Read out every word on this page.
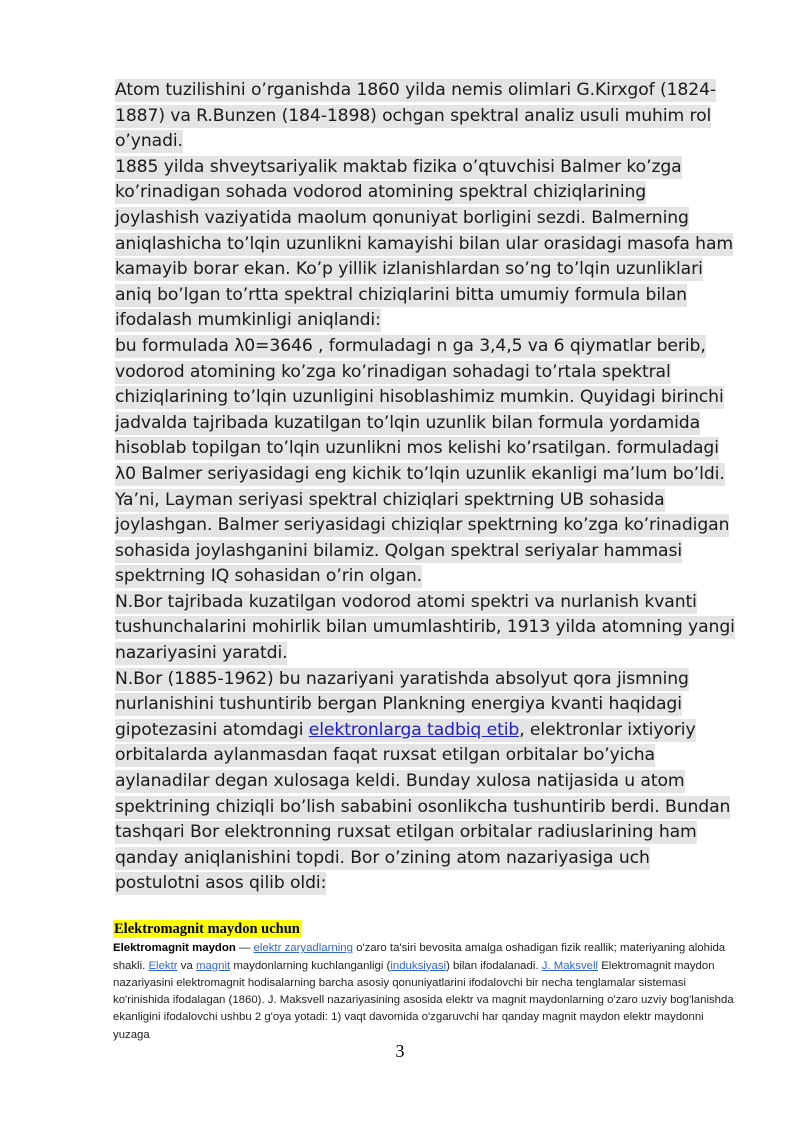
Atom tuzilishini o’rganishda 1860 yilda nemis olimlari G.Kirxgof (1824-1887) va R.Bunzen (184-1898) ochgan spektral analiz usuli muhim rol o’ynadi.

1885 yilda shveytsariyalik maktab fizika o’qtuvchisi Balmer ko’zga ko’rinadigan sohada vodorod atomining spektral chiziqlarining joylashish vaziyatida maolum qonuniyat borligini sezdi. Balmerning aniqlashicha to’lqin uzunlikni kamayishi bilan ular orasidagi masofa ham kamayib borar ekan. Ko’p yillik izlanishlardan so’ng to’lqin uzunliklari aniq bo’lgan to’rtta spektral chiziqlarini bitta umumiy formula bilan ifodalash mumkinligi aniqlandi:

bu formulada λ0=3646 , formuladagi n ga 3,4,5 va 6 qiymatlar berib, vodorod atomining ko’zga ko’rinadigan sohadagi to’rtala spektral chiziqlarining to’lqin uzunligini hisoblashimiz mumkin. Quyidagi birinchi jadvalda tajribada kuzatilgan to’lqin uzunlik bilan formula yordamida hisoblab topilgan to’lqin uzunlikni mos kelishi ko’rsatilgan. formuladagi λ0 Balmer seriyasidagi eng kichik to’lqin uzunlik ekanligi ma’lum bo’ldi. Ya’ni, Layman seriyasi spektral chiziqlari spektrning UB sohasida joylashgan. Balmer seriyasidagi chiziqlar spektrning ko’zga ko’rinadigan sohasida joylashganini bilamiz. Qolgan spektral seriyalar hammasi spektrning IQ sohasidan o’rin olgan.

N.Bor tajribada kuzatilgan vodorod atomi spektri va nurlanish kvanti tushunchalarini mohirlik bilan umumlashtirib, 1913 yilda atomning yangi nazariyasini yaratdi.

N.Bor (1885-1962) bu nazariyani yaratishda absolyut qora jismning nurlanishini tushuntirib bergan Plankning energiya kvanti haqidagi gipotezasini atomdagi elektronlarga tadbiq etib, elektronlar ixtiyoriy orbitalarda aylanmasdan faqat ruxsat etilgan orbitalar bo’yicha aylanadilar degan xulosaga keldi. Bunday xulosa natijasida u atom spektrining chiziqli bo’lish sababini osonlikcha tushuntirib berdi. Bundan tashqari Bor elektronning ruxsat etilgan orbitalar radiuslarining ham qanday aniqlanishini topdi. Bor o’zining atom nazariyasiga uch postulotni asos qilib oldi:

Elektromagnit maydon uchun

Elektromagnit maydon — elektr zaryadlarning o'zaro ta'siri bevosita amalga oshadigan fizik reallik; materiyaning alohida shakli. Elektr va magnit maydonlarning kuchlanganligi (induksiyasi) bilan ifodalanadi. J. Maksvell Elektromagnit maydon nazariyasini elektromagnit hodisalarning barcha asosiy qonuniyatlarini ifodalovchi bir necha tenglamalar sistemasi ko'rinishida ifodalagan (1860). J. Maksvell nazariyasining asosida elektr va magnit maydonlarning o'zaro uzviy bog'lanishda ekanligini ifodalovchi ushbu 2 g'oya yotadi: 1) vaqt davomida o'zgaruvchi har qanday magnit maydon elektr maydonni yuzaga

3
